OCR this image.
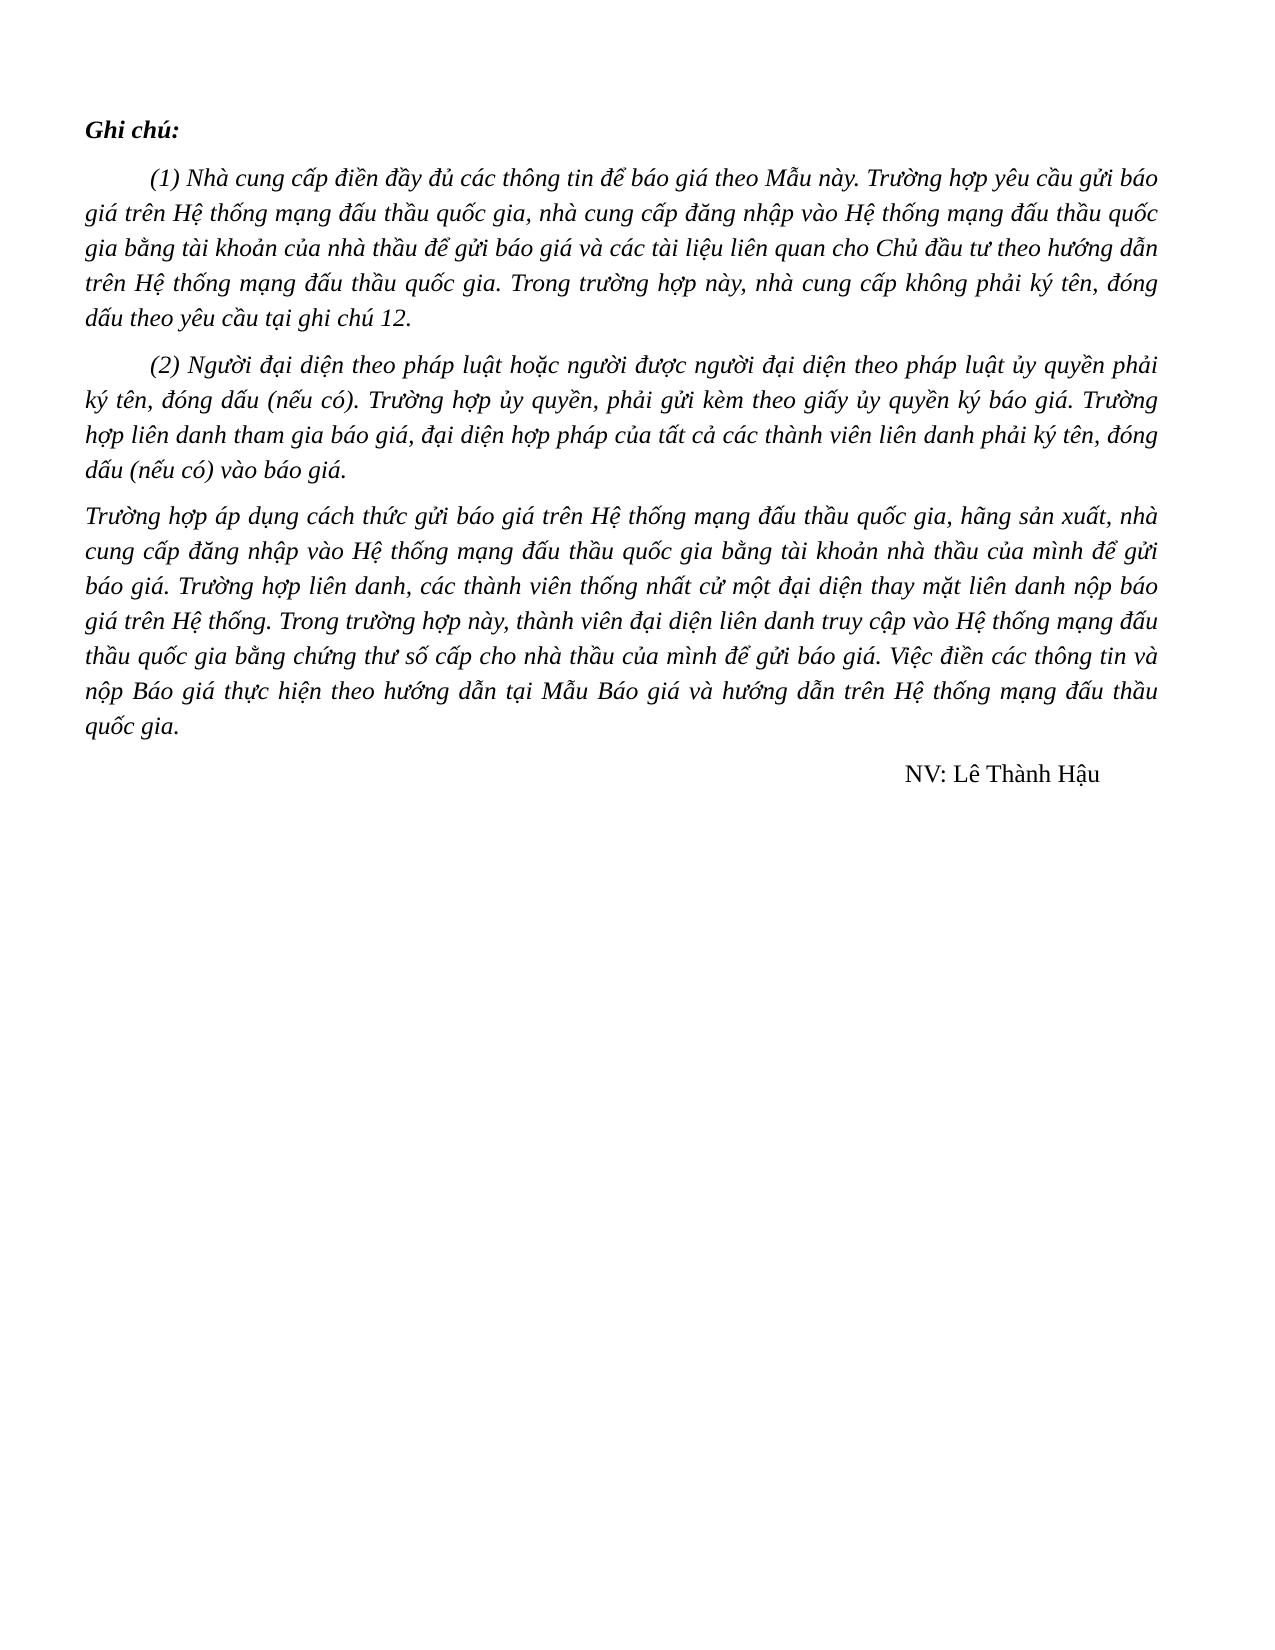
Ghi chú:

(1) Nhà cung cấp điền đầy đủ các thông tin để báo giá theo Mẫu này. Trường hợp yêu cầu gửi báo giá trên Hệ thống mạng đấu thầu quốc gia, nhà cung cấp đăng nhập vào Hệ thống mạng đấu thầu quốc gia bằng tài khoản của nhà thầu để gửi báo giá và các tài liệu liên quan cho Chủ đầu tư theo hướng dẫn trên Hệ thống mạng đấu thầu quốc gia. Trong trường hợp này, nhà cung cấp không phải ký tên, đóng dấu theo yêu cầu tại ghi chú 12.

(2) Người đại diện theo pháp luật hoặc người được người đại diện theo pháp luật ủy quyền phải ký tên, đóng dấu (nếu có). Trường hợp ủy quyền, phải gửi kèm theo giấy ủy quyền ký báo giá. Trường hợp liên danh tham gia báo giá, đại diện hợp pháp của tất cả các thành viên liên danh phải ký tên, đóng dấu (nếu có) vào báo giá.

Trường hợp áp dụng cách thức gửi báo giá trên Hệ thống mạng đấu thầu quốc gia, hãng sản xuất, nhà cung cấp đăng nhập vào Hệ thống mạng đấu thầu quốc gia bằng tài khoản nhà thầu của mình để gửi báo giá. Trường hợp liên danh, các thành viên thống nhất cử một đại diện thay mặt liên danh nộp báo giá trên Hệ thống. Trong trường hợp này, thành viên đại diện liên danh truy cập vào Hệ thống mạng đấu thầu quốc gia bằng chứng thư số cấp cho nhà thầu của mình để gửi báo giá. Việc điền các thông tin và nộp Báo giá thực hiện theo hướng dẫn tại Mẫu Báo giá và hướng dẫn trên Hệ thống mạng đấu thầu quốc gia.

NV: Lê Thành Hậu
